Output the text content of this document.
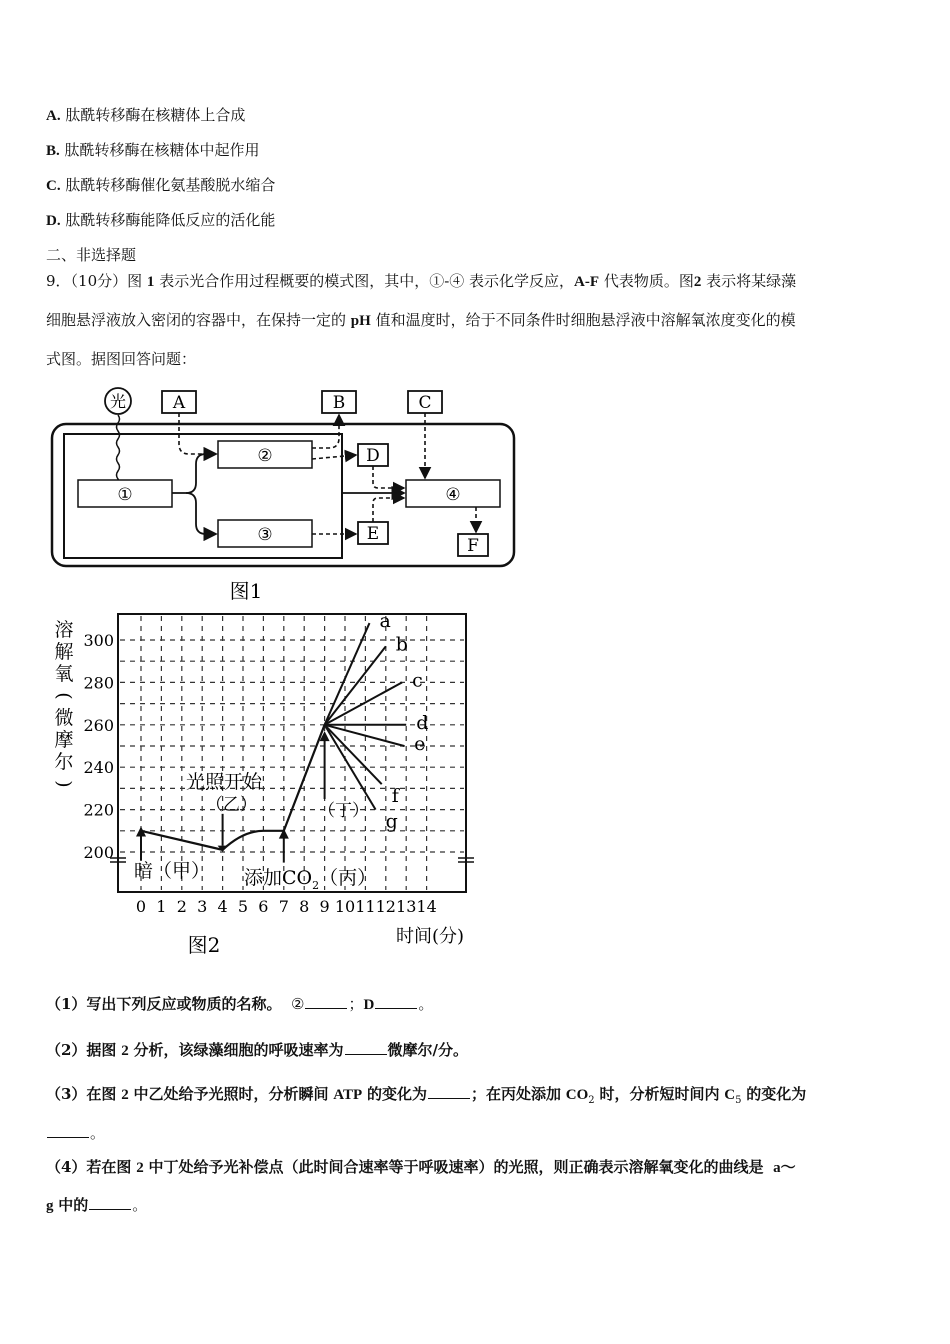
A. 肽酰转移酶在核糖体上合成
B. 肽酰转移酶在核糖体中起作用
C. 肽酰转移酶催化氨基酸脱水缩合
D. 肽酰转移酶能降低反应的活化能
二、非选择题
9．（10分）图 1 表示光合作用过程概要的模式图，其中，①-④ 表示化学反应，A-F 代表物质。图2 表示将某绿藻
细胞悬浮液放入密闭的容器中，在保持一定的 pH 值和温度时，给于不同条件时细胞悬浮液中溶解氧浓度变化的模
式图。据图回答问题：
光	A	B	C
②
①
③
④
D
E
F
图1
200
220
240
260
280
300
0 1 2 3 4 5 6 7 8 9 10 11 12 13 14
a
b
c
d
e
f
g
溶
解
氧
(
微
摩
尔
)
暗（甲）
光照开始
（乙）
添加$CO_2$（丙）
（丁）
图2	时间(分)
（1）写出下列反应或物质的名称。 ②	；D	。
（2）据图 2 分析，该绿藻细胞的呼吸速率为	微摩尔/分。
（3）在图 2 中乙处给予光照时，分析瞬间 ATP 的变化为	；在丙处添加 $CO_2$ 时，分析短时间内 $C_5$ 的变化为
。
（4）若在图 2 中丁处给予光补偿点（此时间合速率等于呼吸速率）的光照，则正确表示溶解氧变化的曲线是 a～
g 中的	。
